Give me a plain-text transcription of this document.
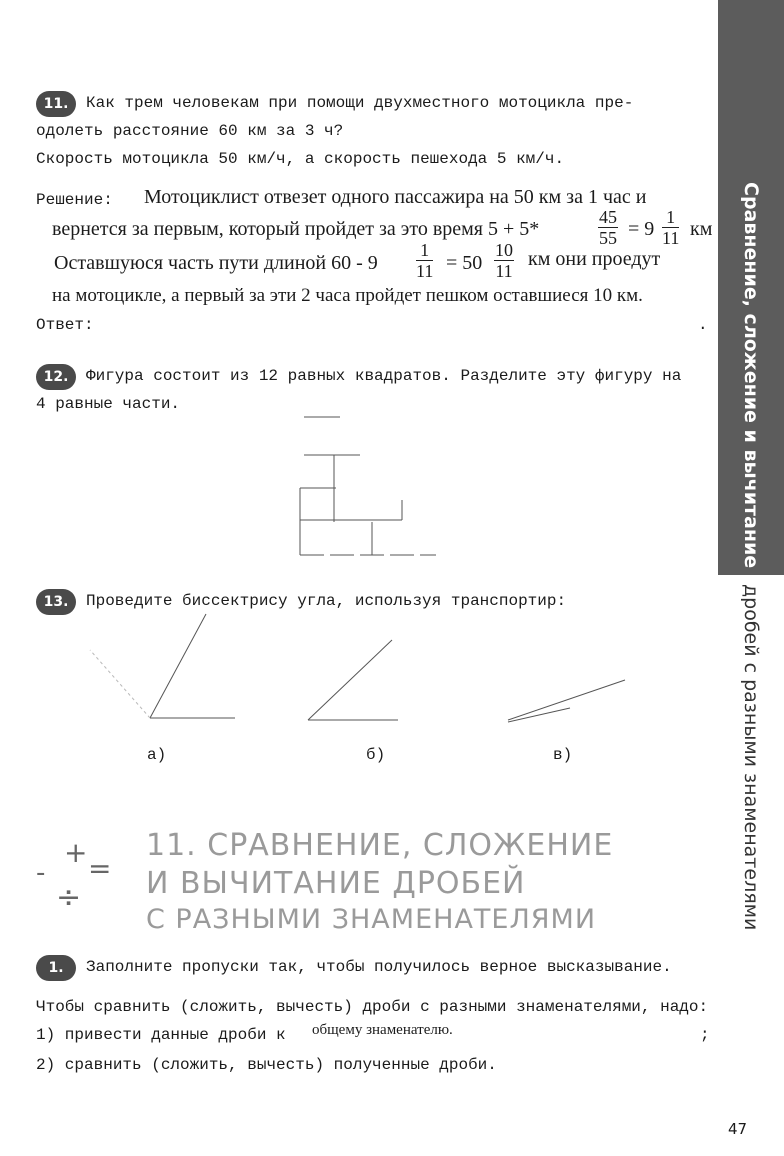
Сравнение, сложение и вычитание
дробей с разными знаменателями
11.	Как трем человекам при помощи двухместного мотоцикла пре-
одолеть расстояние 60 км за 3 ч?
Скорость мотоцикла 50 км/ч, а скорость пешехода 5 км/ч.
Решение: Мотоциклист отвезет одного пассажира на 50 км за 1 час и
вернется за первым, который пройдет за это время 5 + 5*	$\frac{45}{55} = 9 \frac{1}{11}$ км
Оставшуюся часть пути длиной $60 - 9 \frac{1}{11} = 50 \frac{10}{11}$ км они проедут
на мотоцикле, а первый за эти 2 часа пройдет пешком оставшиеся 10 км.
Ответ:	.
12.	Фигура состоит из 12 равных квадратов. Разделите эту фигуру на
4 равные части.
13.	Проведите биссектрису угла, используя транспортир:
а)	б)	в)
+
- =
÷
11. СРАВНЕНИЕ, СЛОЖЕНИЕ
И ВЫЧИТАНИЕ ДРОБЕЙ
С РАЗНЫМИ ЗНАМЕНАТЕЛЯМИ
1.	Заполните пропуски так, чтобы получилось верное высказывание.
Чтобы сравнить (сложить, вычесть) дроби с разными знаменателями, надо:
1) привести данные дроби к общему знаменателю.	;
2) сравнить (сложить, вычесть) полученные дроби.
47
